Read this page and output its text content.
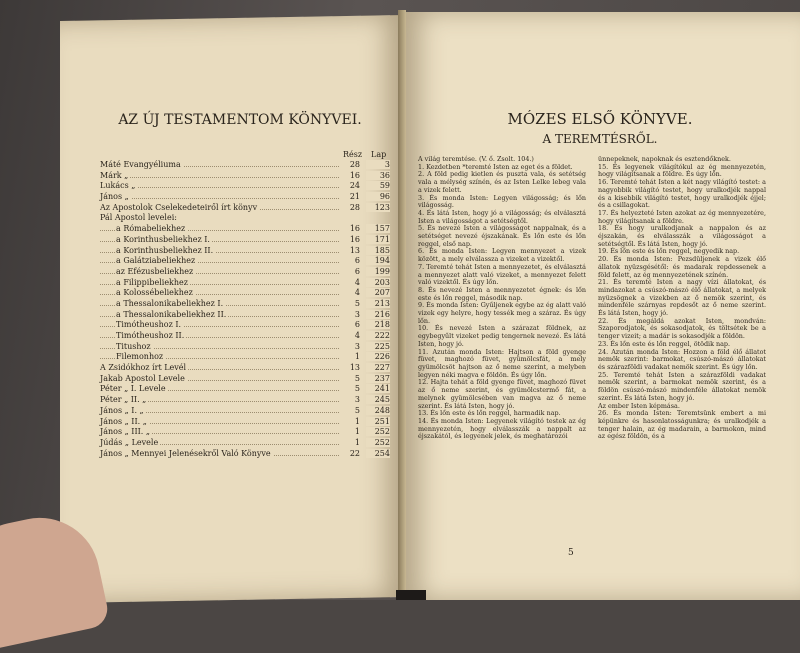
AZ ÚJ TESTAMENTOM KÖNYVEI.
Rész Lap
Máté Evangyéliuma	28	3
Márk „	16	36
Lukács „	24	59
János „	21	96
Az Apostolok Cselekedeteiről írt könyv	28	123
Pál Apostol levelei:
a Rómabeliekhez	16	157
a Korinthusbeliekhez I.	16	171
a Korinthusbeliekhez II.	13	185
a Galátziabeliekhez	6	194
az Efézusbeliekhez	6	199
a Filippibeliekhez	4	203
a Kolossébeliekhez	4	207
a Thessalonikabeliekhez I.	5	213
a Thessalonikabeliekhez II.	3	216
Timótheushoz I.	6	218
Timótheushoz II.	4	222
Titushoz	3	225
Filemonhoz	1	226
A Zsidókhoz írt Levél	13	227
Jakab Apostol Levele	5	237
Péter „ I. Levele	5	241
Péter „ II. „	3	245
János „ I. „	5	248
János „ II. „	1	251
János „ III. „	1	252
Júdás „ Levele	1	252
János „ Mennyei Jelenésekről Való Könyve	22	254
MÓZES ELSŐ KÖNYVE.
A TEREMTÉSRŐL.

A világ teremtése. (V. ő. Zsolt. 104.)

1. Kezdetben *teremté Isten az eget és a földet.

2. A föld pedig kietlen és puszta vala, és setétség vala a mélység színén, és az Isten Lelke lebeg vala a vizek felett.

3. És monda Isten: Legyen világosság; és lőn világosság.

4. És látá Isten, hogy jó a világosság; és elválasztá Isten a világosságot a setétségtől.

5. És nevezé Isten a világosságot nappalnak, és a setétséget nevezé éjszakának. És lőn este és lőn reggel, első nap.

6. És monda Isten: Legyen mennyezet a vizek között, a mely elválassza a vizeket a vizektől.

7. Teremté tehát Isten a mennyezetet, és elválasztá a mennyezet alatt való vizeket, a mennyezet felett való vizektől. És úgy lőn.

8. És nevezé Isten a mennyezetet égnek: és lőn este és lőn reggel, második nap.

9. És monda Isten: Gyűljenek egybe az ég alatt való vizek egy helyre, hogy tessék meg a száraz. És úgy lőn.

10. És nevezé Isten a szárazat földnek, az egybegyűlt vizeket pedig tengernek nevezé. És látá Isten, hogy jó.

11. Azután monda Isten: Hajtson a föld gyenge füvet, maghozó füvet, gyümölcsfát, a mely gyümölcsöt hajtson az ő neme szerint, a melyben legyen néki magva e földön. És úgy lőn.

12. Hajta tehát a föld gyenge füvet, maghozó füvet az ő neme szerint, és gyümölcstermő fát, a melynek gyümölcsében van magva az ő neme szerint. És látá Isten, hogy jó.

13. És lőn este és lőn reggel, harmadik nap.

14. És monda Isten: Legyenek világító testek az ég mennyezetén, hogy elválasszák a nappalt az éjszakától, és legyenek jelek, és meghatározói

ünnepeknek, napoknak és esztendőknek.

15. És legyenek világítókul az ég mennyezetén, hogy világítsanak a földre. És úgy lőn.

16. Teremté tehát Isten a két nagy világító testet: a nagyobbik világító testet, hogy uralkodjék nappal és a kisebbik világító testet, hogy uralkodjék éjjel; és a csillagokat.

17. És helyezteté Isten azokat az ég mennyezetére, hogy világítsanak a földre.

18. És hogy uralkodjanak a nappalon és az éjszakán, és elválasszák a világosságot a setétségtől. És látá Isten, hogy jó.

19. És lőn este és lőn reggel, negyedik nap.

20. És monda Isten: Pezsdüljenek a vizek élő állatok nyüzsgésétől: és madarak repdessenek a föld felett, az ég mennyezetének színén.

21. És teremté Isten a nagy vízi állatokat, és mindazokat a csúszó-mászó élő állatokat, a melyek nyüzsögnek a vizekben az ő nemök szerint, és mindenféle szárnyas repdesőt az ő neme szerint. És látá Isten, hogy jó.

22. És megáldá azokat Isten, mondván: Szaporodjatok, és sokasodjatok, és töltsétek be a tenger vizeit; a madár is sokasodjék a földön.

23. És lőn este és lőn reggel, ötödik nap.

24. Azután monda Isten: Hozzon a föld élő állatot nemök szerint: barmokat, csúszó-mászó állatokat és szárazföldi vadakat nemök szerint. És úgy lőn.

25. Teremté tehát Isten a szárazföldi vadakat nemök szerint, a barmokat nemök szerint, és a földön csúszó-mászó mindenféle állatokat nemök szerint. És látá Isten, hogy jó.

Az ember Isten képmása.

26. És monda Isten: Teremtsünk embert a mi képünkre és hasonlatosságunkra; és uralkodjék a tenger halain, az ég madarain, a barmokon, mind az egész földön, és a

5
